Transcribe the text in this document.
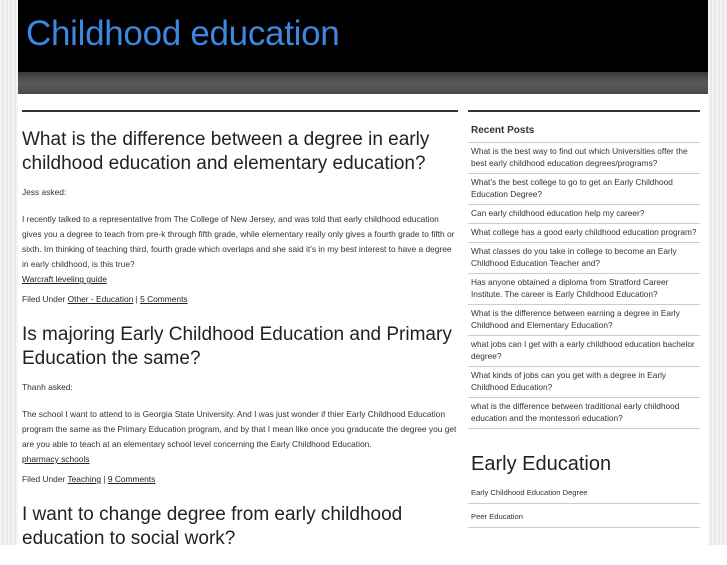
Childhood education
What is the difference between a degree in early childhood education and elementary education?

Jess asked:

I recently talked to a representative from The College of New Jersey, and was told that early childhood education gives you a degree to teach from pre-k through fifth grade, while elementary really only gives a fourth grade to fifth or sixth. Im thinking of teaching third, fourth grade which overlaps and she said it’s in my best interest to have a degree in early childhood, is this true?

Warcraft leveling guide

Filed Under Other - Education | 5 Comments
Is majoring Early Childhood Education and Primary Education the same?

Thanh asked:

The school I want to attend to is Georgia State University. And I was just wonder if thier Early Childhood Education program the same as the Primary Education program, and by that I mean like once you graducate the degree you get are you able to teach at an elementary school level concerning the Early Childhood Education.

pharmacy schools

Filed Under Teaching | 9 Comments
I want to change degree from early childhood education to social work?
Recent Posts
What is the best way to find out which Universities offer the best early childhood education degrees/programs?
What’s the best college to go to get an Early Childhood Education Degree?
Can early childhood education help my career?
What college has a good early childhood education program?
What classes do you take in college to become an Early Childhood Education Teacher and?
Has anyone obtained a diploma from Stratford Career Institute. The career is Early Childhood Education?
What is the difference between earning a degree in Early Childhood and Elementary Education?
what jobs can I get with a early childhood education bachelor degree?
What kinds of jobs can you get with a degree in Early Childhood Education?
what is the difference between traditional early childhood education and the montessori education?
Early Education
Early Childhood Education Degree
Peer Education
